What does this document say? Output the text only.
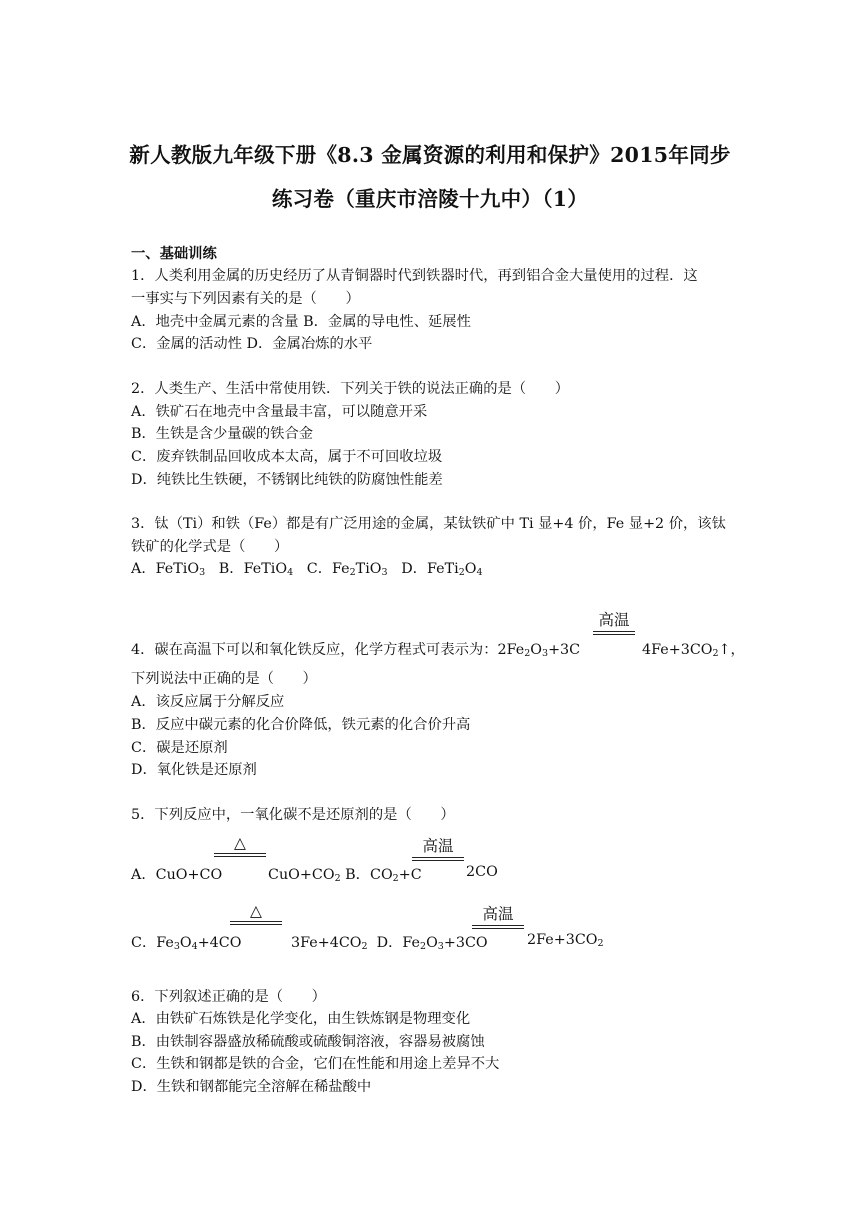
新人教版九年级下册《8.3 金属资源的利用和保护》2015年同步
练习卷（重庆市涪陵十九中）（1）
一、基础训练
1．人类利用金属的历史经历了从青铜器时代到铁器时代，再到铝合金大量使用的过程．这
一事实与下列因素有关的是（　　）
A．地壳中金属元素的含量 B．金属的导电性、延展性
C．金属的活动性 D．金属冶炼的水平
2．人类生产、生活中常使用铁．下列关于铁的说法正确的是（　　）
A．铁矿石在地壳中含量最丰富，可以随意开采
B．生铁是含少量碳的铁合金
C．废弃铁制品回收成本太高，属于不可回收垃圾
D．纯铁比生铁硬，不锈钢比纯铁的防腐蚀性能差
3．钛（Ti）和铁（Fe）都是有广泛用途的金属，某钛铁矿中 Ti 显+4 价，Fe 显+2 价，该钛
铁矿的化学式是（　　）
A．FeTiO$_3$ B．FeTiO$_4$ C．$Fe_2TiO_3$ D．$FeTi_2O_4$
高温
4．碳在高温下可以和氧化铁反应，化学方程式可表示为：$2Fe_2O_3+3C$	$4Fe+3CO_2↑$，
下列说法中正确的是（　　）
A．该反应属于分解反应
B．反应中碳元素的化合价降低，铁元素的化合价升高
C．碳是还原剂
D．氧化铁是还原剂
5．下列反应中，一氧化碳不是还原剂的是（　　）
△	高温
A．CuO+CO	$CuO+CO_2$ B．$CO_2+C$	2CO
△	高温
C．$Fe_3O_4+4CO$	$3Fe+4CO_2$ D．$Fe_2O_3+3CO$	$2Fe+3CO_2$
6．下列叙述正确的是（　　）
A．由铁矿石炼铁是化学变化，由生铁炼钢是物理变化
B．由铁制容器盛放稀硫酸或硫酸铜溶液，容器易被腐蚀
C．生铁和钢都是铁的合金，它们在性能和用途上差异不大
D．生铁和钢都能完全溶解在稀盐酸中
